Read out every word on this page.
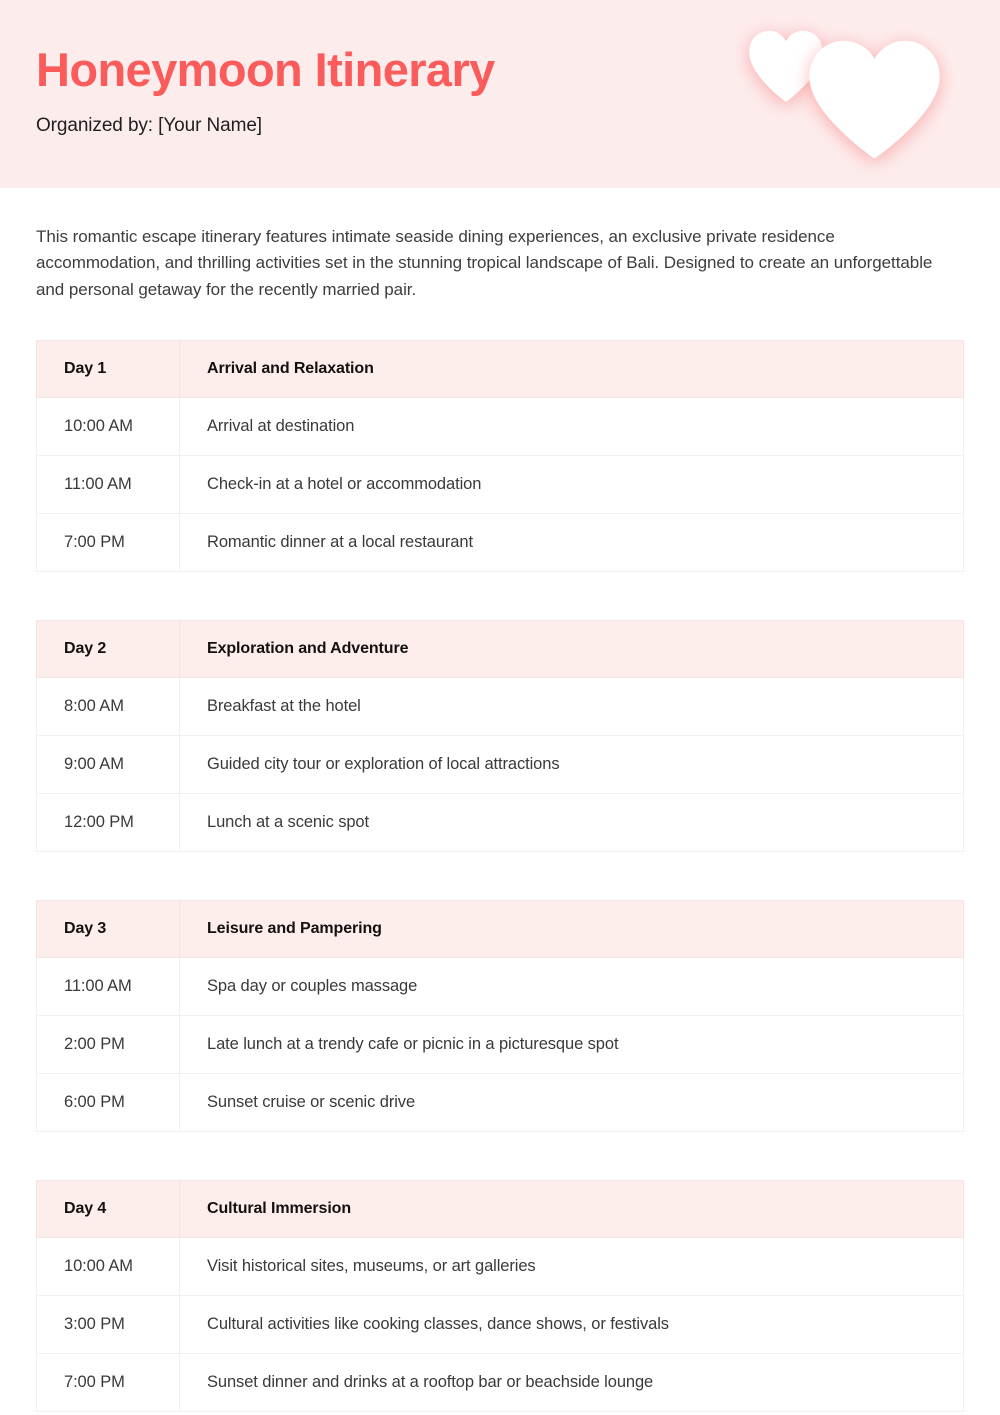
Honeymoon Itinerary
Organized by: [Your Name]

This romantic escape itinerary features intimate seaside dining experiences, an exclusive private residence accommodation, and thrilling activities set in the stunning tropical landscape of Bali. Designed to create an unforgettable and personal getaway for the recently married pair.

Day 1	Arrival and Relaxation
10:00 AM	Arrival at destination
11:00 AM	Check-in at a hotel or accommodation
7:00 PM	Romantic dinner at a local restaurant
Day 2	Exploration and Adventure
8:00 AM	Breakfast at the hotel
9:00 AM	Guided city tour or exploration of local attractions
12:00 PM	Lunch at a scenic spot
Day 3	Leisure and Pampering
11:00 AM	Spa day or couples massage
2:00 PM	Late lunch at a trendy cafe or picnic in a picturesque spot
6:00 PM	Sunset cruise or scenic drive
Day 4	Cultural Immersion
10:00 AM	Visit historical sites, museums, or art galleries
3:00 PM	Cultural activities like cooking classes, dance shows, or festivals
7:00 PM	Sunset dinner and drinks at a rooftop bar or beachside lounge
